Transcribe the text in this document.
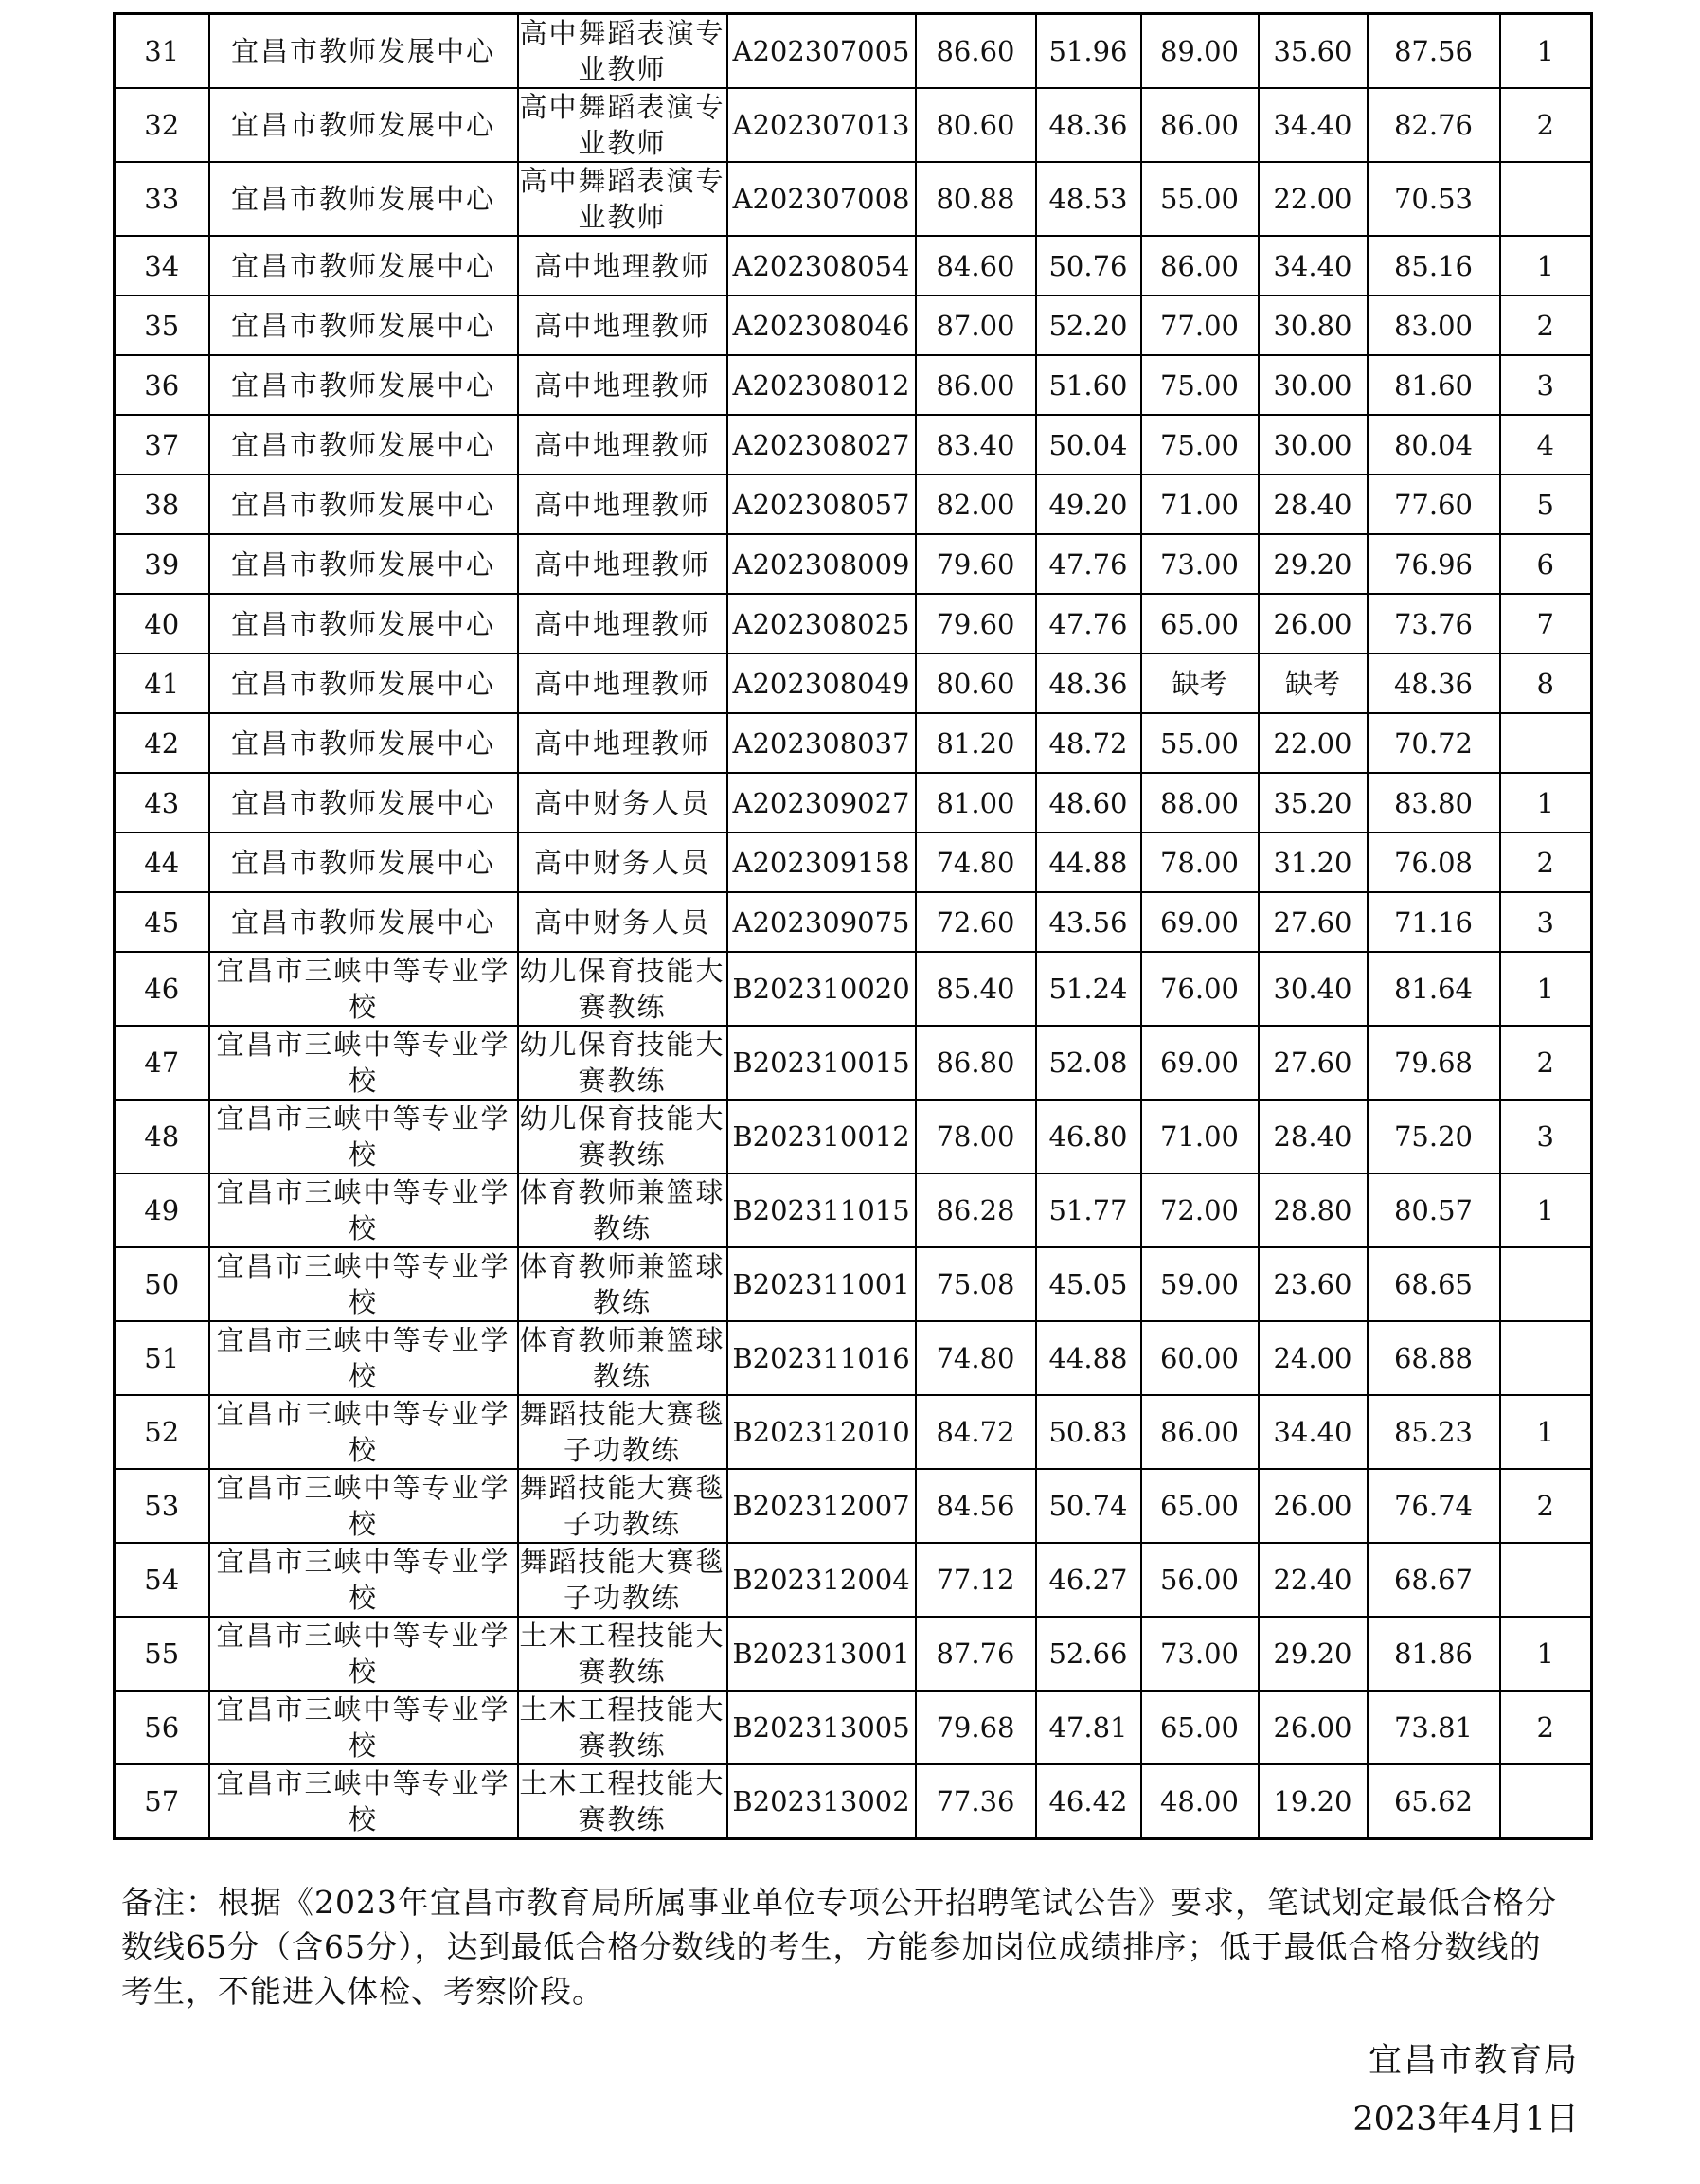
31	宜昌市教师发展中心	高中舞蹈表演专业教师	A202307005	86.60	51.96	89.00	35.60	87.56	1
32	宜昌市教师发展中心	高中舞蹈表演专业教师	A202307013	80.60	48.36	86.00	34.40	82.76	2
33	宜昌市教师发展中心	高中舞蹈表演专业教师	A202307008	80.88	48.53	55.00	22.00	70.53	
34	宜昌市教师发展中心	高中地理教师	A202308054	84.60	50.76	86.00	34.40	85.16	1
35	宜昌市教师发展中心	高中地理教师	A202308046	87.00	52.20	77.00	30.80	83.00	2
36	宜昌市教师发展中心	高中地理教师	A202308012	86.00	51.60	75.00	30.00	81.60	3
37	宜昌市教师发展中心	高中地理教师	A202308027	83.40	50.04	75.00	30.00	80.04	4
38	宜昌市教师发展中心	高中地理教师	A202308057	82.00	49.20	71.00	28.40	77.60	5
39	宜昌市教师发展中心	高中地理教师	A202308009	79.60	47.76	73.00	29.20	76.96	6
40	宜昌市教师发展中心	高中地理教师	A202308025	79.60	47.76	65.00	26.00	73.76	7
41	宜昌市教师发展中心	高中地理教师	A202308049	80.60	48.36	缺考	缺考	48.36	8
42	宜昌市教师发展中心	高中地理教师	A202308037	81.20	48.72	55.00	22.00	70.72	
43	宜昌市教师发展中心	高中财务人员	A202309027	81.00	48.60	88.00	35.20	83.80	1
44	宜昌市教师发展中心	高中财务人员	A202309158	74.80	44.88	78.00	31.20	76.08	2
45	宜昌市教师发展中心	高中财务人员	A202309075	72.60	43.56	69.00	27.60	71.16	3
46	宜昌市三峡中等专业学校	幼儿保育技能大赛教练	B202310020	85.40	51.24	76.00	30.40	81.64	1
47	宜昌市三峡中等专业学校	幼儿保育技能大赛教练	B202310015	86.80	52.08	69.00	27.60	79.68	2
48	宜昌市三峡中等专业学校	幼儿保育技能大赛教练	B202310012	78.00	46.80	71.00	28.40	75.20	3
49	宜昌市三峡中等专业学校	体育教师兼篮球教练	B202311015	86.28	51.77	72.00	28.80	80.57	1
50	宜昌市三峡中等专业学校	体育教师兼篮球教练	B202311001	75.08	45.05	59.00	23.60	68.65	
51	宜昌市三峡中等专业学校	体育教师兼篮球教练	B202311016	74.80	44.88	60.00	24.00	68.88	
52	宜昌市三峡中等专业学校	舞蹈技能大赛毯子功教练	B202312010	84.72	50.83	86.00	34.40	85.23	1
53	宜昌市三峡中等专业学校	舞蹈技能大赛毯子功教练	B202312007	84.56	50.74	65.00	26.00	76.74	2
54	宜昌市三峡中等专业学校	舞蹈技能大赛毯子功教练	B202312004	77.12	46.27	56.00	22.40	68.67	
55	宜昌市三峡中等专业学校	土木工程技能大赛教练	B202313001	87.76	52.66	73.00	29.20	81.86	1
56	宜昌市三峡中等专业学校	土木工程技能大赛教练	B202313005	79.68	47.81	65.00	26.00	73.81	2
57	宜昌市三峡中等专业学校	土木工程技能大赛教练	B202313002	77.36	46.42	48.00	19.20	65.62	
备注：根据《2023年宜昌市教育局所属事业单位专项公开招聘笔试公告》要求，笔试划定最低合格分数线65分（含65分），达到最低合格分数线的考生，方能参加岗位成绩排序；低于最低合格分数线的考生，不能进入体检、考察阶段。
宜昌市教育局
2023年4月1日
